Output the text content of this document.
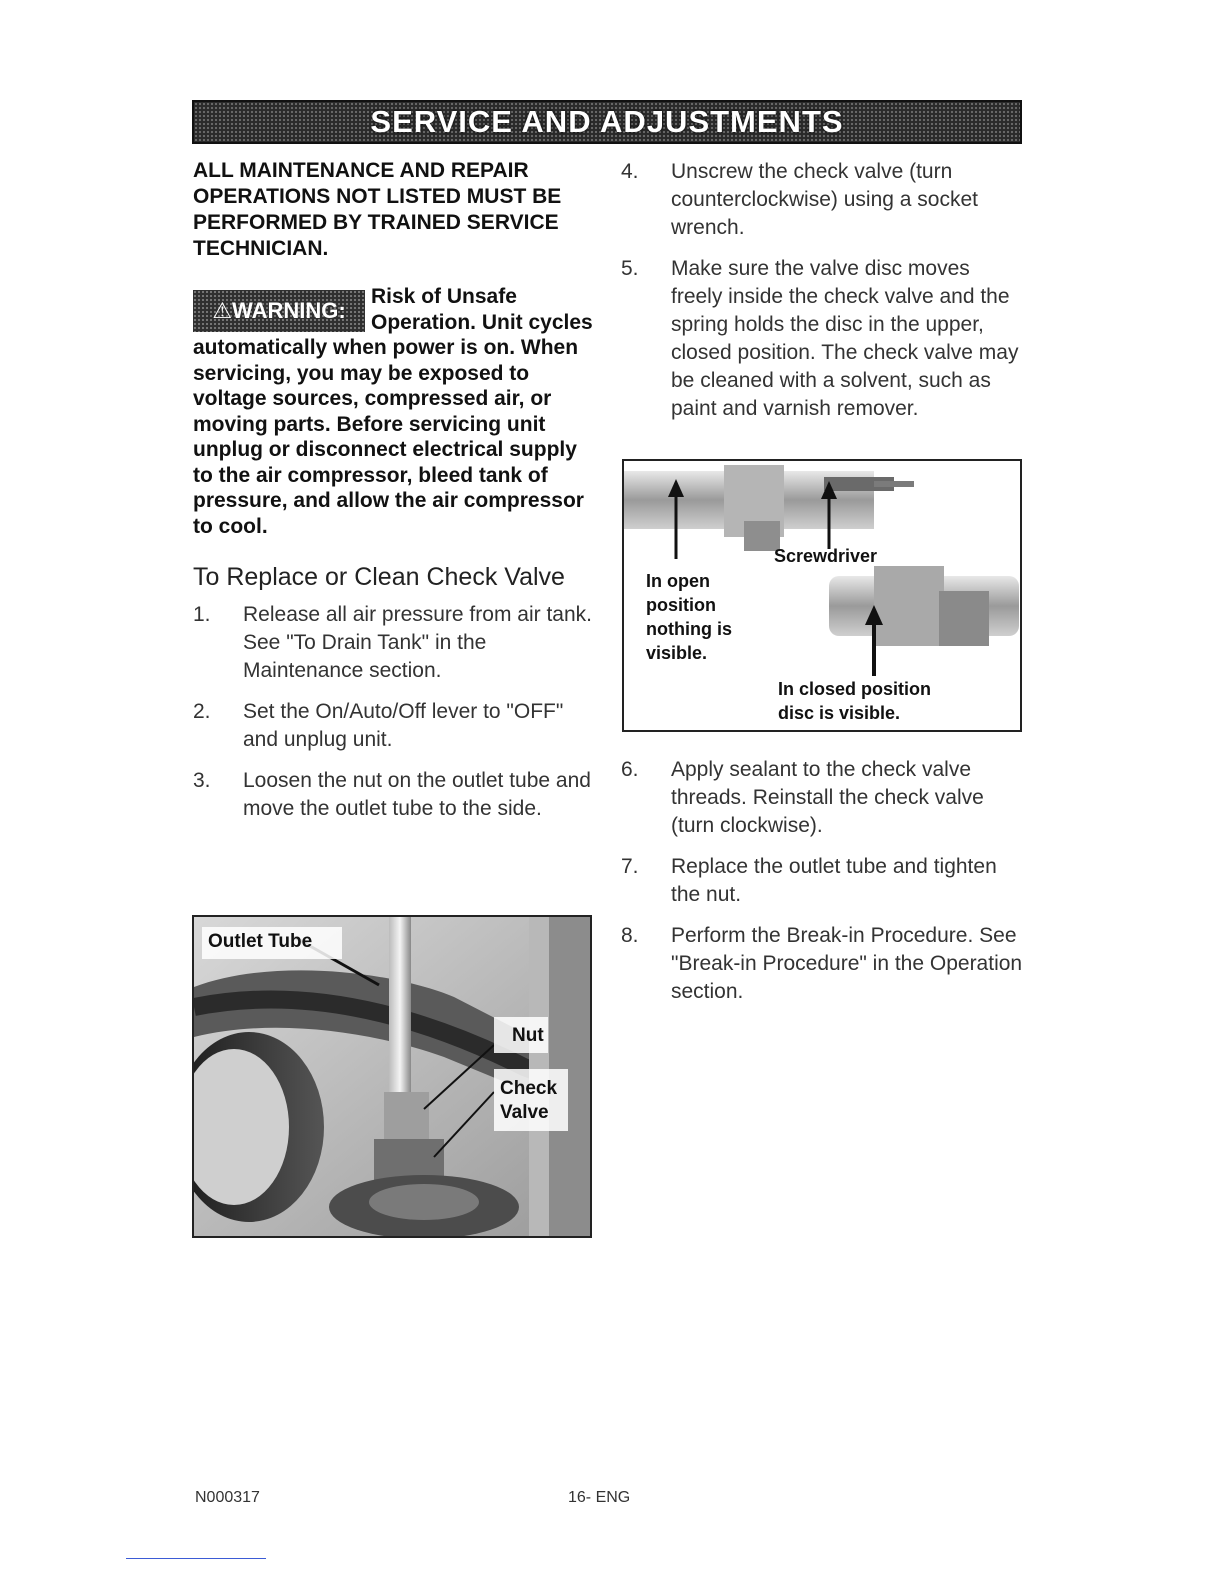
SERVICE AND ADJUSTMENTS

ALL MAINTENANCE AND REPAIR OPERATIONS NOT LISTED MUST BE PERFORMED BY TRAINED SERVICE TECHNICIAN.

⚠WARNING:

Risk of Unsafe Operation. Unit cycles automatically when power is on. When servicing, you may be exposed to voltage sources, compressed air, or moving parts. Before servicing unit unplug or disconnect electrical supply to the air compressor, bleed tank of pressure, and allow the air compressor to cool.

To Replace or Clean Check Valve
1. Release all air pressure from air tank. See "To Drain Tank" in the Maintenance section.
2. Set the On/Auto/Off lever to "OFF" and unplug unit.
3. Loosen the nut on the outlet tube and move the outlet tube to the side.
Outlet Tube
Nut
Check Valve
4. Unscrew the check valve (turn counterclockwise) using a socket wrench.
5. Make sure the valve disc moves freely inside the check valve and the spring holds the disc in the upper, closed position. The check valve may be cleaned with a solvent, such as paint and varnish remover.
Screwdriver
In open position nothing is visible.
In closed position disc is visible.
6. Apply sealant to the check valve threads. Reinstall the check valve (turn clockwise).
7. Replace the outlet tube and tighten the nut.
8. Perform the Break-in Procedure. See "Break-in Procedure" in the Operation section.
N000317	16- ENG
